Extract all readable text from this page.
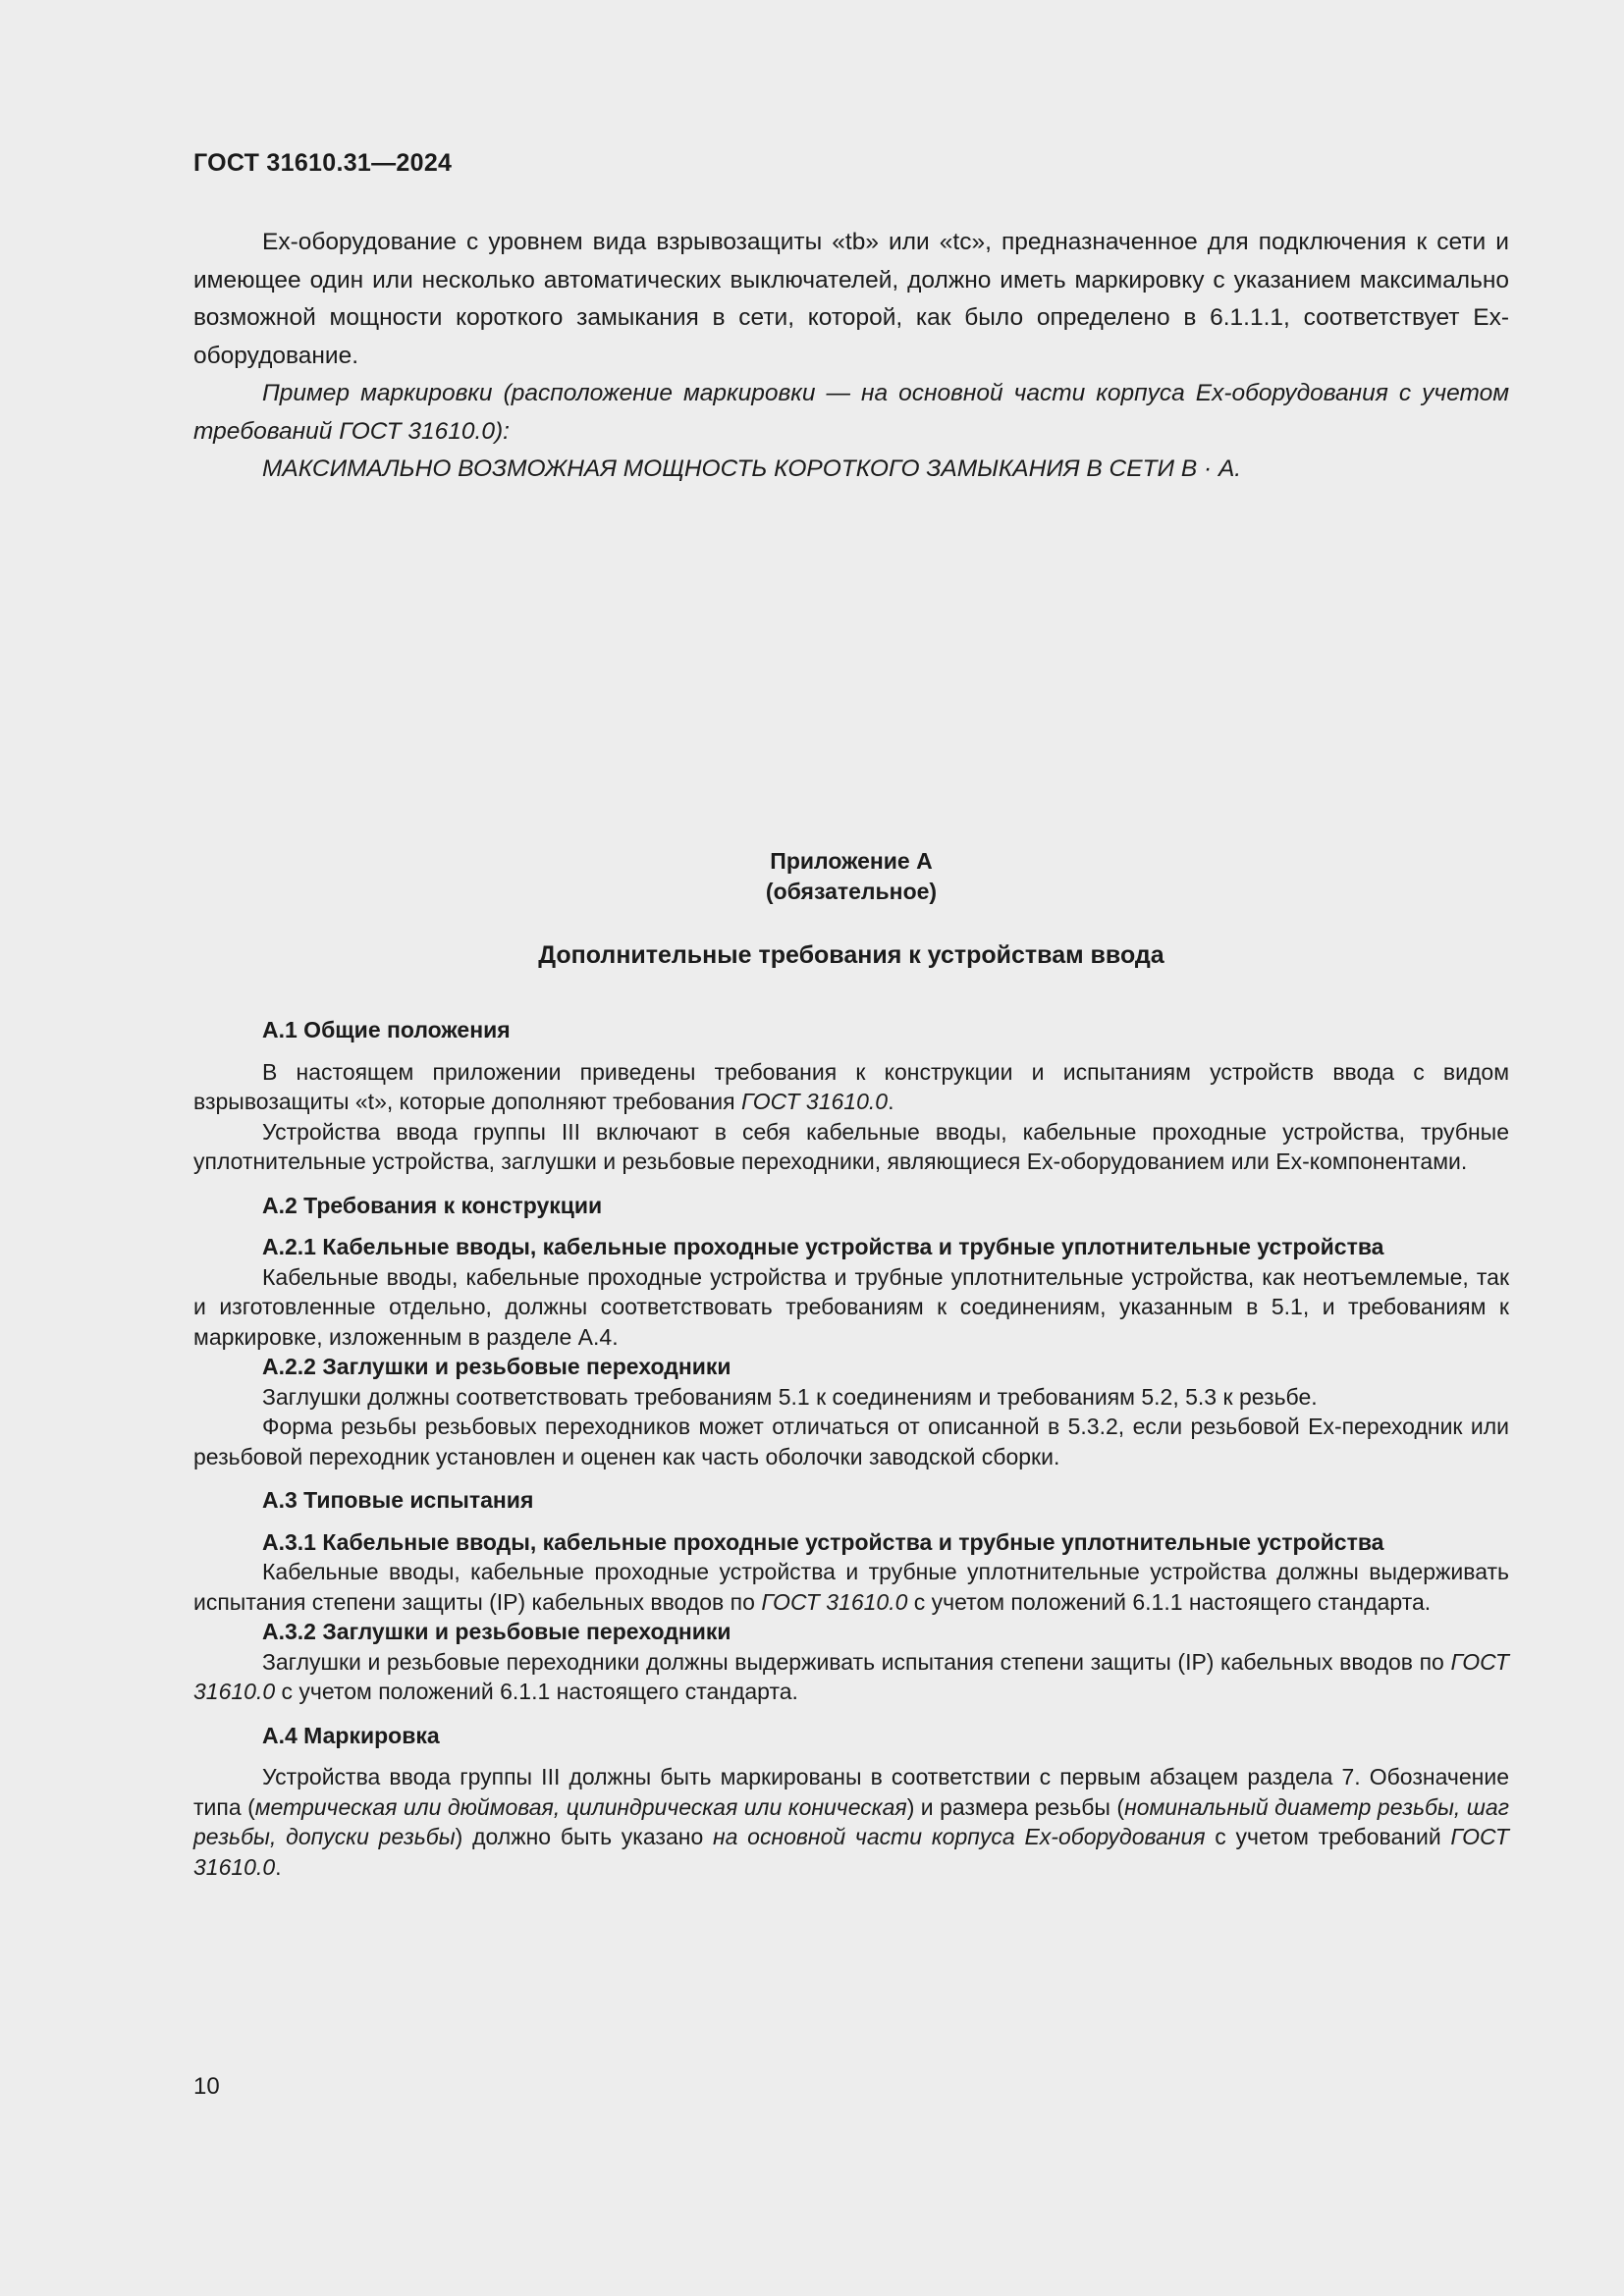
ГОСТ 31610.31—2024

Ex-оборудование с уровнем вида взрывозащиты «tb» или «tc», предназначенное для подключения к сети и имеющее один или несколько автоматических выключателей, должно иметь маркировку с указанием максимально возможной мощности короткого замыкания в сети, которой, как было определено в 6.1.1.1, соответствует Ex-оборудование.

Пример маркировки (расположение маркировки — на основной части корпуса Ex-оборудования с учетом требований ГОСТ 31610.0):

МАКСИМАЛЬНО ВОЗМОЖНАЯ МОЩНОСТЬ КОРОТКОГО ЗАМЫКАНИЯ В СЕТИ В · А.

Приложение А
(обязательное)
Дополнительные требования к устройствам ввода

А.1 Общие положения

В настоящем приложении приведены требования к конструкции и испытаниям устройств ввода с видом взрывозащиты «t», которые дополняют требования ГОСТ 31610.0.

Устройства ввода группы III включают в себя кабельные вводы, кабельные проходные устройства, трубные уплотнительные устройства, заглушки и резьбовые переходники, являющиеся Ex-оборудованием или Ex-компонентами.

А.2 Требования к конструкции

А.2.1 Кабельные вводы, кабельные проходные устройства и трубные уплотнительные устройства

Кабельные вводы, кабельные проходные устройства и трубные уплотнительные устройства, как неотъемлемые, так и изготовленные отдельно, должны соответствовать требованиям к соединениям, указанным в 5.1, и требованиям к маркировке, изложенным в разделе А.4.

А.2.2 Заглушки и резьбовые переходники

Заглушки должны соответствовать требованиям 5.1 к соединениям и требованиям 5.2, 5.3 к резьбе.

Форма резьбы резьбовых переходников может отличаться от описанной в 5.3.2, если резьбовой Ex-переходник или резьбовой переходник установлен и оценен как часть оболочки заводской сборки.

А.3 Типовые испытания

А.3.1 Кабельные вводы, кабельные проходные устройства и трубные уплотнительные устройства

Кабельные вводы, кабельные проходные устройства и трубные уплотнительные устройства должны выдерживать испытания степени защиты (IP) кабельных вводов по ГОСТ 31610.0 с учетом положений 6.1.1 настоящего стандарта.

А.3.2 Заглушки и резьбовые переходники

Заглушки и резьбовые переходники должны выдерживать испытания степени защиты (IP) кабельных вводов по ГОСТ 31610.0 с учетом положений 6.1.1 настоящего стандарта.

А.4 Маркировка

Устройства ввода группы III должны быть маркированы в соответствии с первым абзацем раздела 7. Обозначение типа (метрическая или дюймовая, цилиндрическая или коническая) и размера резьбы (номинальный диаметр резьбы, шаг резьбы, допуски резьбы) должно быть указано на основной части корпуса Ex-оборудования с учетом требований ГОСТ 31610.0.

10
